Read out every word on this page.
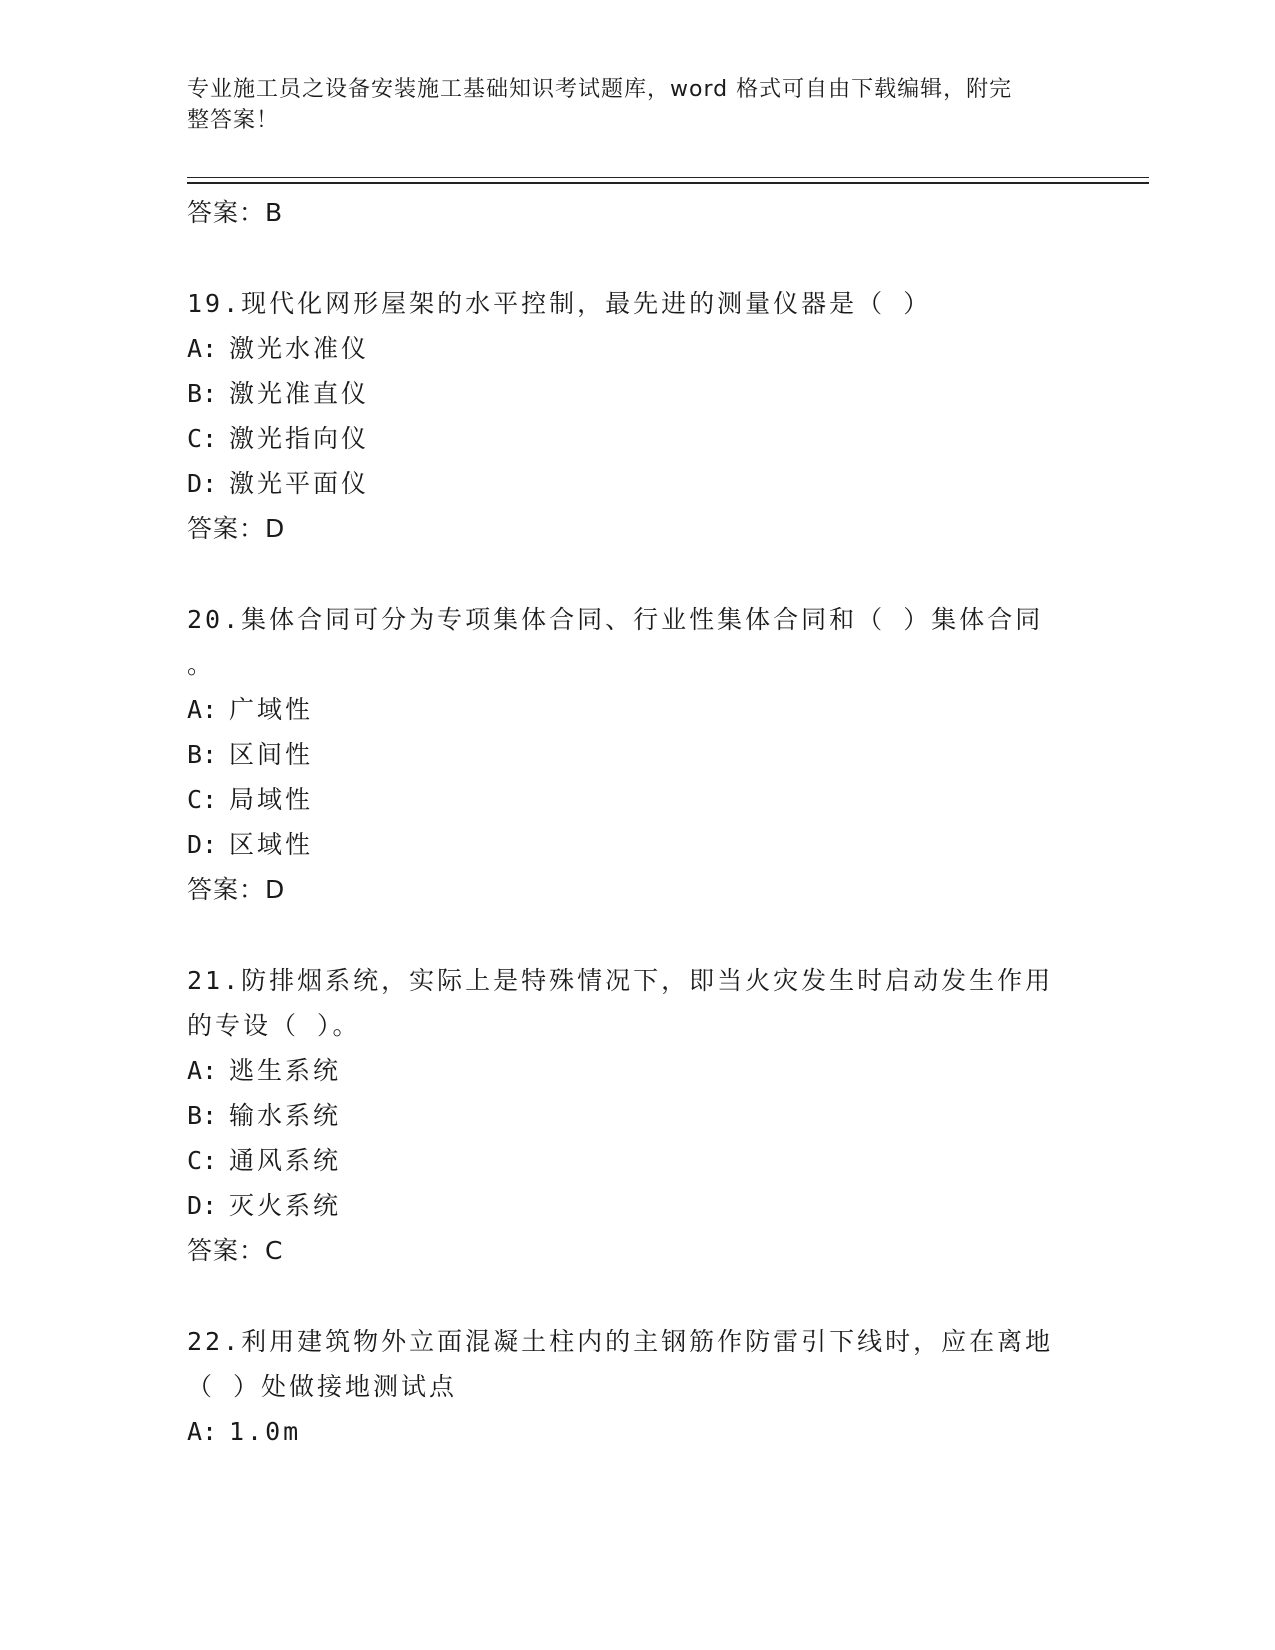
专业施工员之设备安装施工基础知识考试题库，word 格式可自由下载编辑，附完
整答案！
答案：B
19.现代化网形屋架的水平控制，最先进的测量仪器是（ ）
A: 激光水准仪
B: 激光准直仪
C: 激光指向仪
D: 激光平面仪
答案：D
20.集体合同可分为专项集体合同、行业性集体合同和（ ）集体合同
。
A: 广域性
B: 区间性
C: 局域性
D: 区域性
答案：D
21.防排烟系统，实际上是特殊情况下，即当火灾发生时启动发生作用
的专设（ ）。
A: 逃生系统
B: 输水系统
C: 通风系统
D: 灭火系统
答案：C
22.利用建筑物外立面混凝土柱内的主钢筋作防雷引下线时，应在离地
（ ）处做接地测试点
A: 1.0m
